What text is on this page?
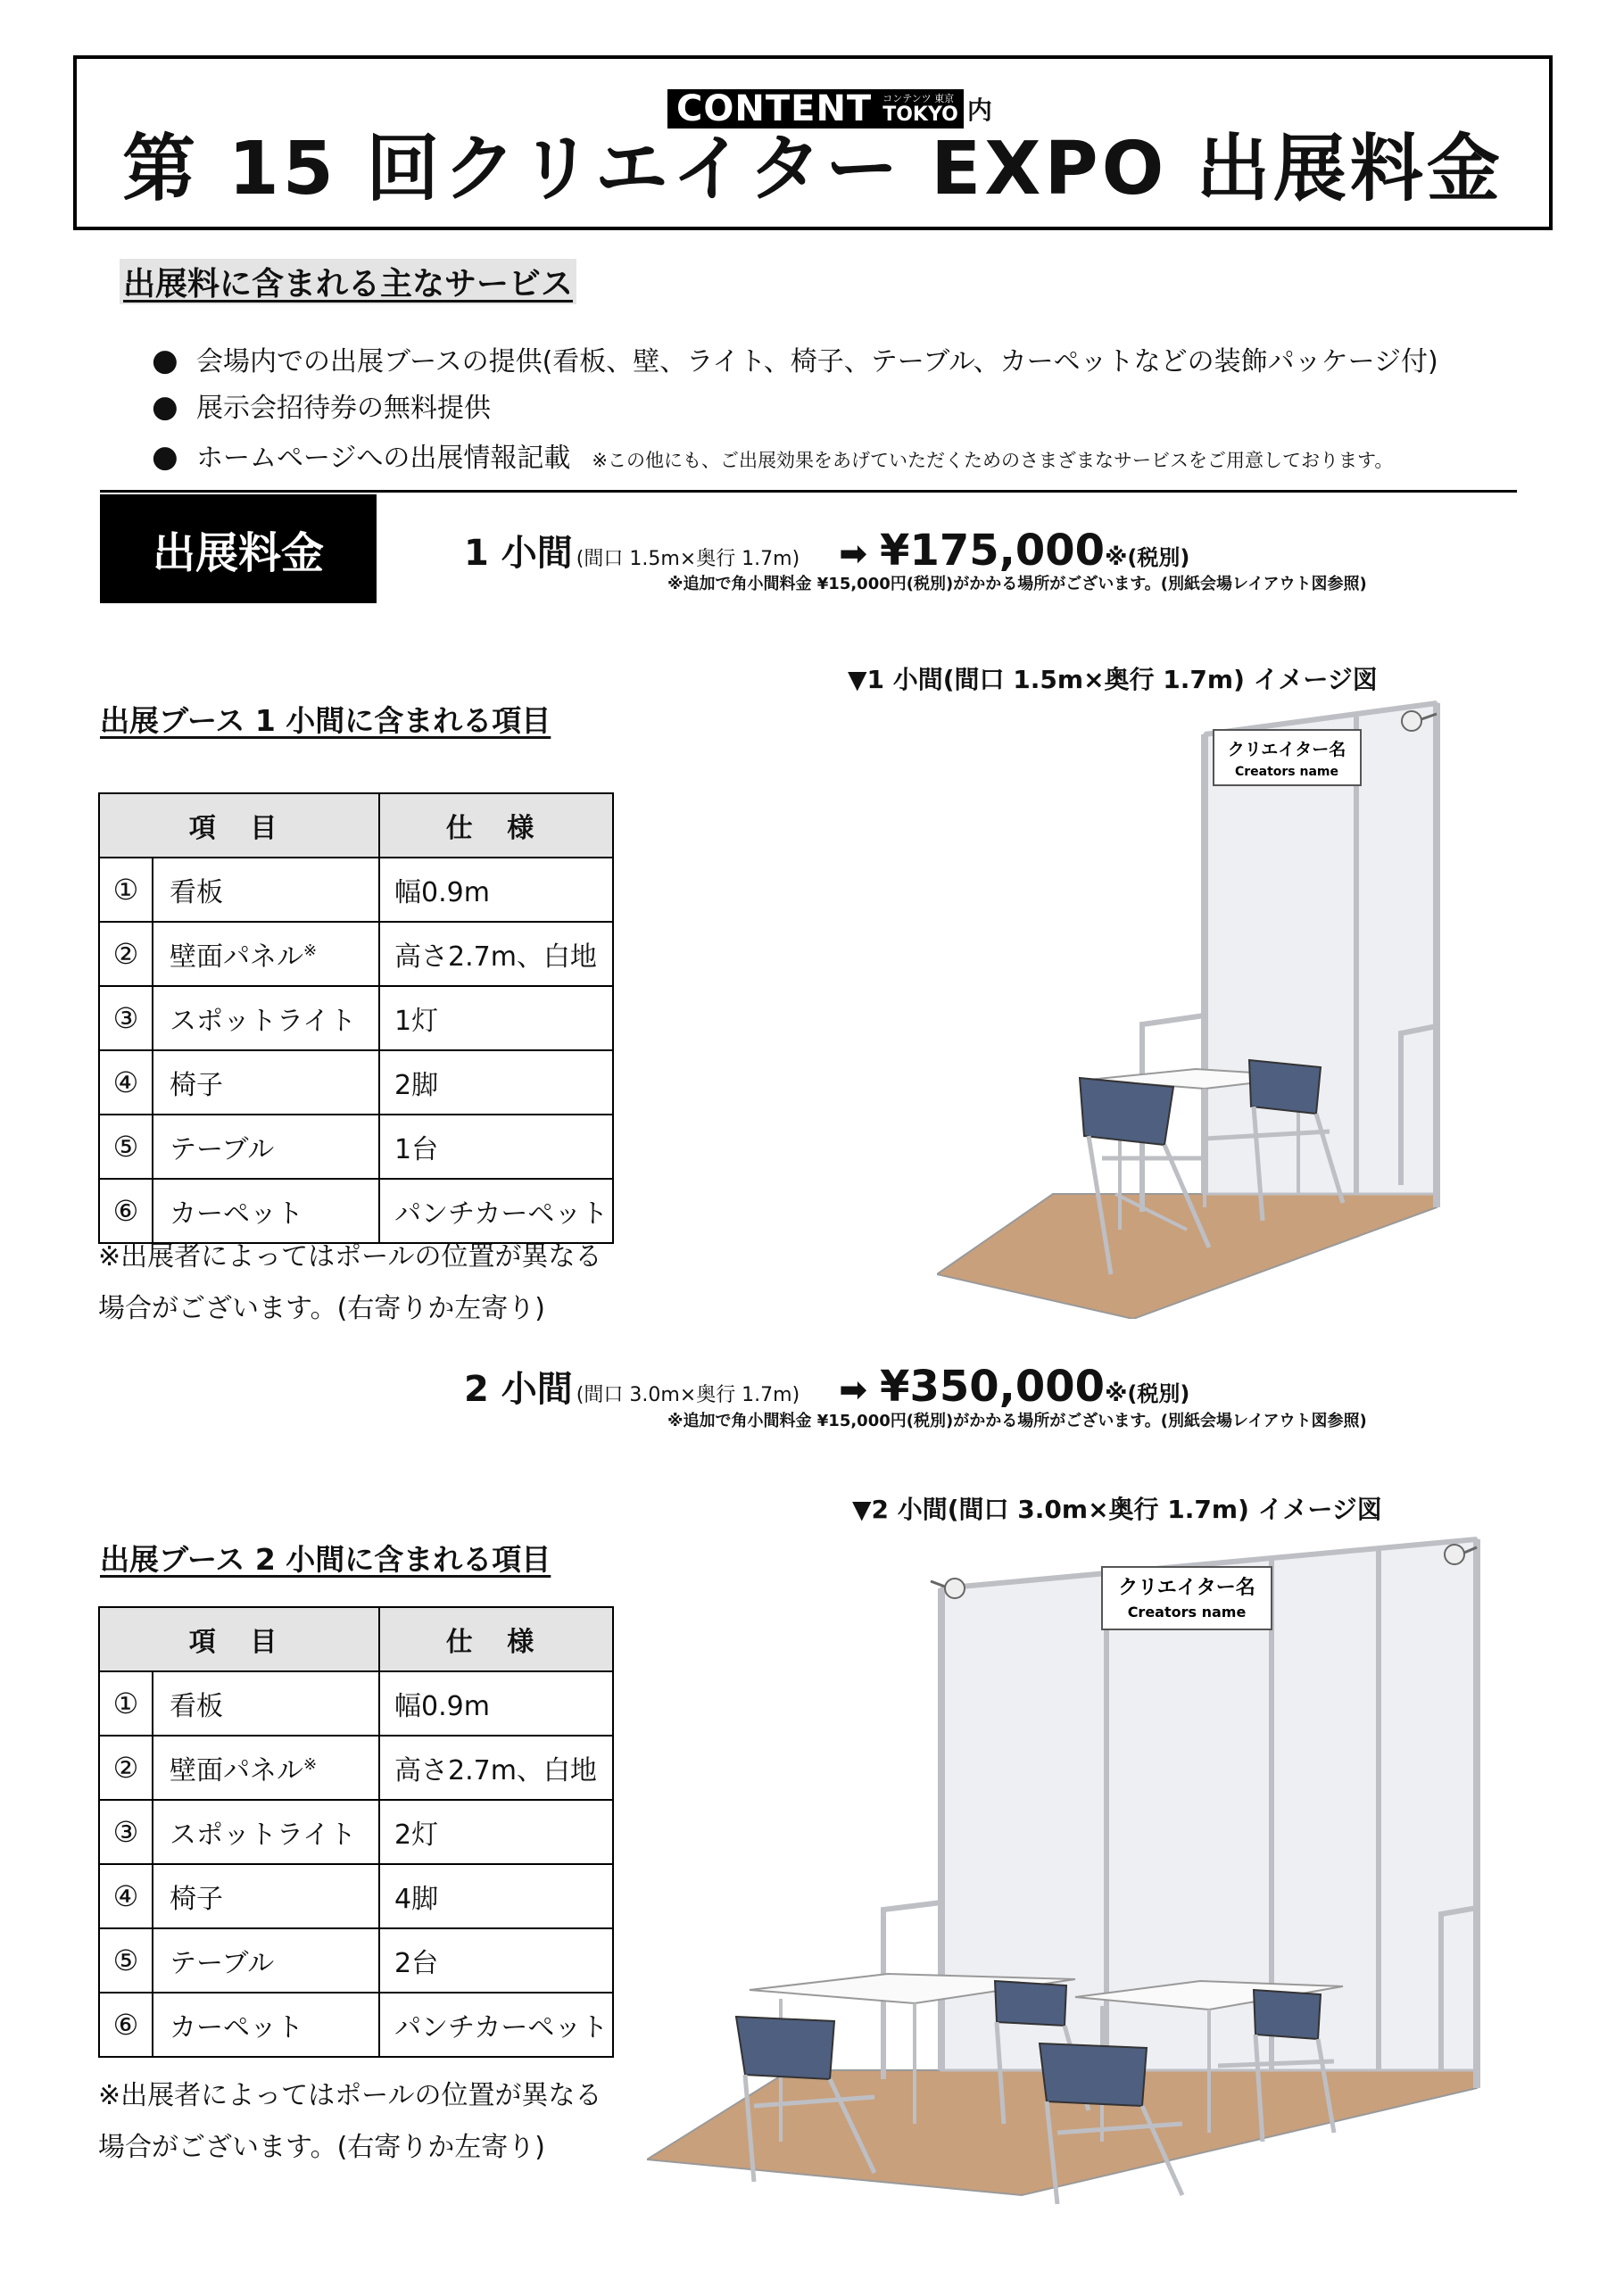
CONTENT	コンテンツ 東京
TOKYO 内
第 15 回クリエイター EXPO 出展料金
出展料に含まれる主なサービス
● 会場内での出展ブースの提供(看板、壁、ライト、椅子、テーブル、カーペットなどの装飾パッケージ付)
● 展示会招待券の無料提供
● ホームページへの出展情報記載 ※この他にも、ご出展効果をあげていただくためのさまざまなサービスをご用意しております。
出展料金	1 小間 (間口 1.5m×奥行 1.7m) ➡ ¥175,000 ※ (税別)
※追加で角小間料金 ¥15,000円(税別)がかかる場所がございます。(別紙会場レイアウト図参照)
▼1 小間(間口 1.5m×奥行 1.7m) イメージ図
出展ブース 1 小間に含まれる項目
項 目		仕 様
①	看板	幅0.9m
②	壁面パネル※	高さ2.7m、白地
③	スポットライト	1灯
④	椅子	2脚
⑤	テーブル	1台
⑥	カーペット	パンチカーペット
※出展者によってはポールの位置が異なる
場合がございます。(右寄りか左寄り)
クリエイター名
Creators name
2 小間 (間口 3.0m×奥行 1.7m) ➡ ¥350,000 ※ (税別)
※追加で角小間料金 ¥15,000円(税別)がかかる場所がございます。(別紙会場レイアウト図参照)
▼2 小間(間口 3.0m×奥行 1.7m) イメージ図
出展ブース 2 小間に含まれる項目
項 目		仕 様
①	看板	幅0.9m
②	壁面パネル※	高さ2.7m、白地
③	スポットライト	2灯
④	椅子	4脚
⑤	テーブル	2台
⑥	カーペット	パンチカーペット
※出展者によってはポールの位置が異なる
場合がございます。(右寄りか左寄り)
クリエイター名
Creators name
